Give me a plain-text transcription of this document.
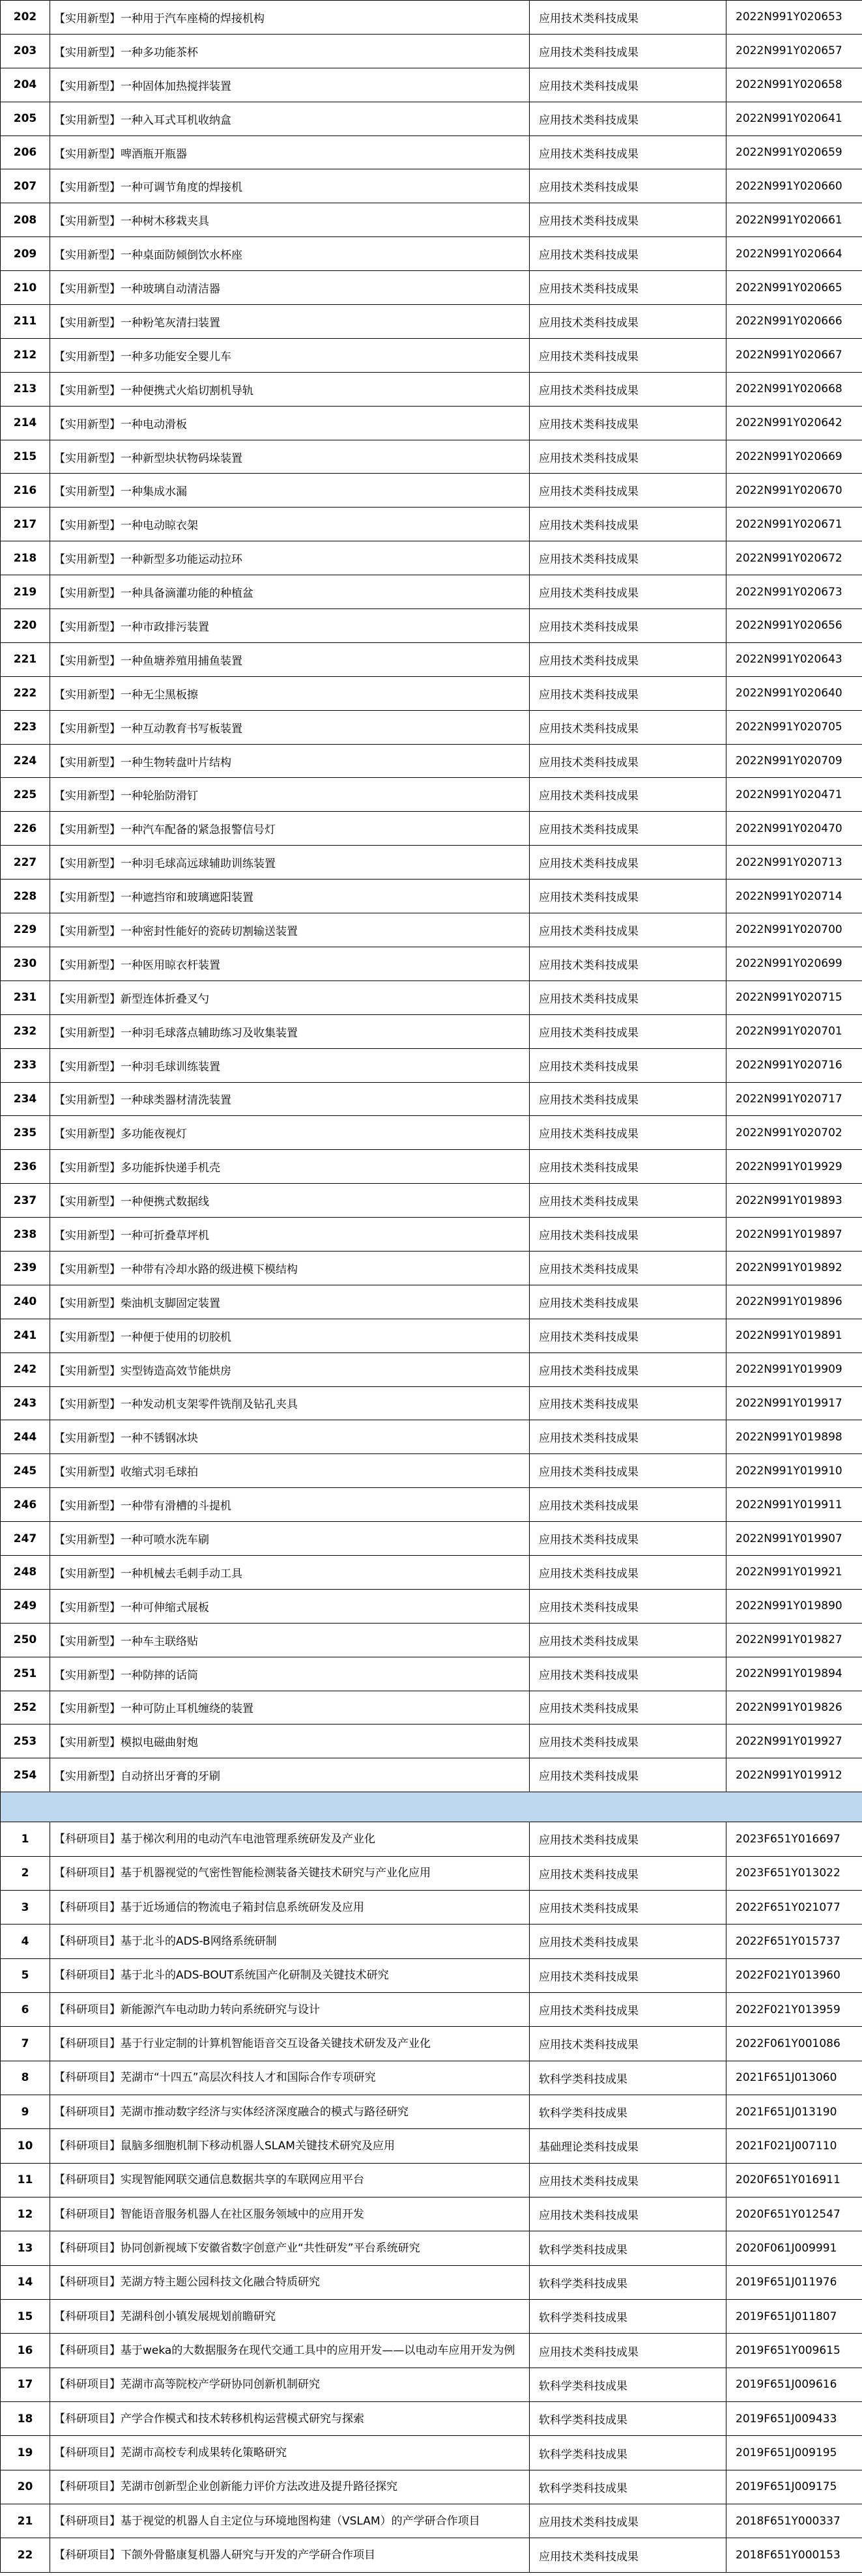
202	【实用新型】一种用于汽车座椅的焊接机构	应用技术类科技成果	2022N991Y020653
203	【实用新型】一种多功能茶杯	应用技术类科技成果	2022N991Y020657
204	【实用新型】一种固体加热搅拌装置	应用技术类科技成果	2022N991Y020658
205	【实用新型】一种入耳式耳机收纳盒	应用技术类科技成果	2022N991Y020641
206	【实用新型】啤酒瓶开瓶器	应用技术类科技成果	2022N991Y020659
207	【实用新型】一种可调节角度的焊接机	应用技术类科技成果	2022N991Y020660
208	【实用新型】一种树木移栽夹具	应用技术类科技成果	2022N991Y020661
209	【实用新型】一种桌面防倾倒饮水杯座	应用技术类科技成果	2022N991Y020664
210	【实用新型】一种玻璃自动清洁器	应用技术类科技成果	2022N991Y020665
211	【实用新型】一种粉笔灰清扫装置	应用技术类科技成果	2022N991Y020666
212	【实用新型】一种多功能安全婴儿车	应用技术类科技成果	2022N991Y020667
213	【实用新型】一种便携式火焰切割机导轨	应用技术类科技成果	2022N991Y020668
214	【实用新型】一种电动滑板	应用技术类科技成果	2022N991Y020642
215	【实用新型】一种新型块状物码垛装置	应用技术类科技成果	2022N991Y020669
216	【实用新型】一种集成水漏	应用技术类科技成果	2022N991Y020670
217	【实用新型】一种电动晾衣架	应用技术类科技成果	2022N991Y020671
218	【实用新型】一种新型多功能运动拉环	应用技术类科技成果	2022N991Y020672
219	【实用新型】一种具备滴灌功能的种植盆	应用技术类科技成果	2022N991Y020673
220	【实用新型】一种市政排污装置	应用技术类科技成果	2022N991Y020656
221	【实用新型】一种鱼塘养殖用捕鱼装置	应用技术类科技成果	2022N991Y020643
222	【实用新型】一种无尘黑板擦	应用技术类科技成果	2022N991Y020640
223	【实用新型】一种互动教育书写板装置	应用技术类科技成果	2022N991Y020705
224	【实用新型】一种生物转盘叶片结构	应用技术类科技成果	2022N991Y020709
225	【实用新型】一种轮胎防滑钉	应用技术类科技成果	2022N991Y020471
226	【实用新型】一种汽车配备的紧急报警信号灯	应用技术类科技成果	2022N991Y020470
227	【实用新型】一种羽毛球高远球辅助训练装置	应用技术类科技成果	2022N991Y020713
228	【实用新型】一种遮挡帘和玻璃遮阳装置	应用技术类科技成果	2022N991Y020714
229	【实用新型】一种密封性能好的瓷砖切割输送装置	应用技术类科技成果	2022N991Y020700
230	【实用新型】一种医用晾衣杆装置	应用技术类科技成果	2022N991Y020699
231	【实用新型】新型连体折叠叉勺	应用技术类科技成果	2022N991Y020715
232	【实用新型】一种羽毛球落点辅助练习及收集装置	应用技术类科技成果	2022N991Y020701
233	【实用新型】一种羽毛球训练装置	应用技术类科技成果	2022N991Y020716
234	【实用新型】一种球类器材清洗装置	应用技术类科技成果	2022N991Y020717
235	【实用新型】多功能夜视灯	应用技术类科技成果	2022N991Y020702
236	【实用新型】多功能拆快递手机壳	应用技术类科技成果	2022N991Y019929
237	【实用新型】一种便携式数据线	应用技术类科技成果	2022N991Y019893
238	【实用新型】一种可折叠草坪机	应用技术类科技成果	2022N991Y019897
239	【实用新型】一种带有冷却水路的级进模下模结构	应用技术类科技成果	2022N991Y019892
240	【实用新型】柴油机支脚固定装置	应用技术类科技成果	2022N991Y019896
241	【实用新型】一种便于使用的切胶机	应用技术类科技成果	2022N991Y019891
242	【实用新型】实型铸造高效节能烘房	应用技术类科技成果	2022N991Y019909
243	【实用新型】一种发动机支架零件铣削及钻孔夹具	应用技术类科技成果	2022N991Y019917
244	【实用新型】一种不锈钢冰块	应用技术类科技成果	2022N991Y019898
245	【实用新型】收缩式羽毛球拍	应用技术类科技成果	2022N991Y019910
246	【实用新型】一种带有滑槽的斗提机	应用技术类科技成果	2022N991Y019911
247	【实用新型】一种可喷水洗车刷	应用技术类科技成果	2022N991Y019907
248	【实用新型】一种机械去毛刺手动工具	应用技术类科技成果	2022N991Y019921
249	【实用新型】一种可伸缩式展板	应用技术类科技成果	2022N991Y019890
250	【实用新型】一种车主联络贴	应用技术类科技成果	2022N991Y019827
251	【实用新型】一种防摔的话筒	应用技术类科技成果	2022N991Y019894
252	【实用新型】一种可防止耳机缠绕的装置	应用技术类科技成果	2022N991Y019826
253	【实用新型】模拟电磁曲射炮	应用技术类科技成果	2022N991Y019927
254	【实用新型】自动挤出牙膏的牙刷	应用技术类科技成果	2022N991Y019912

1	【科研项目】基于梯次利用的电动汽车电池管理系统研发及产业化	应用技术类科技成果	2023F651Y016697
2	【科研项目】基于机器视觉的气密性智能检测装备关键技术研究与产业化应用	应用技术类科技成果	2023F651Y013022
3	【科研项目】基于近场通信的物流电子箱封信息系统研发及应用	应用技术类科技成果	2022F651Y021077
4	【科研项目】基于北斗的ADS-B网络系统研制	应用技术类科技成果	2022F651Y015737
5	【科研项目】基于北斗的ADS-BOUT系统国产化研制及关键技术研究	应用技术类科技成果	2022F021Y013960
6	【科研项目】新能源汽车电动助力转向系统研究与设计	应用技术类科技成果	2022F021Y013959
7	【科研项目】基于行业定制的计算机智能语音交互设备关键技术研发及产业化	应用技术类科技成果	2022F061Y001086
8	【科研项目】芜湖市“十四五”高层次科技人才和国际合作专项研究	软科学类科技成果	2021F651J013060
9	【科研项目】芜湖市推动数字经济与实体经济深度融合的模式与路径研究	软科学类科技成果	2021F651J013190
10	【科研项目】鼠脑多细胞机制下移动机器人SLAM关键技术研究及应用	基础理论类科技成果	2021F021J007110
11	【科研项目】实现智能网联交通信息数据共享的车联网应用平台	应用技术类科技成果	2020F651Y016911
12	【科研项目】智能语音服务机器人在社区服务领域中的应用开发	应用技术类科技成果	2020F651Y012547
13	【科研项目】协同创新视域下安徽省数字创意产业“共性研发”平台系统研究	软科学类科技成果	2020F061J009991
14	【科研项目】芜湖方特主题公园科技文化融合特质研究	软科学类科技成果	2019F651J011976
15	【科研项目】芜湖科创小镇发展规划前瞻研究	软科学类科技成果	2019F651J011807
16	【科研项目】基于weka的大数据服务在现代交通工具中的应用开发——以电动车应用开发为例	应用技术类科技成果	2019F651Y009615
17	【科研项目】芜湖市高等院校产学研协同创新机制研究	软科学类科技成果	2019F651J009616
18	【科研项目】产学合作模式和技术转移机构运营模式研究与探索	软科学类科技成果	2019F651J009433
19	【科研项目】芜湖市高校专利成果转化策略研究	软科学类科技成果	2019F651J009195
20	【科研项目】芜湖市创新型企业创新能力评价方法改进及提升路径探究	软科学类科技成果	2019F651J009175
21	【科研项目】基于视觉的机器人自主定位与环境地图构建（VSLAM）的产学研合作项目	应用技术类科技成果	2018F651Y000337
22	【科研项目】下颌外骨骼康复机器人研究与开发的产学研合作项目	应用技术类科技成果	2018F651Y000153
